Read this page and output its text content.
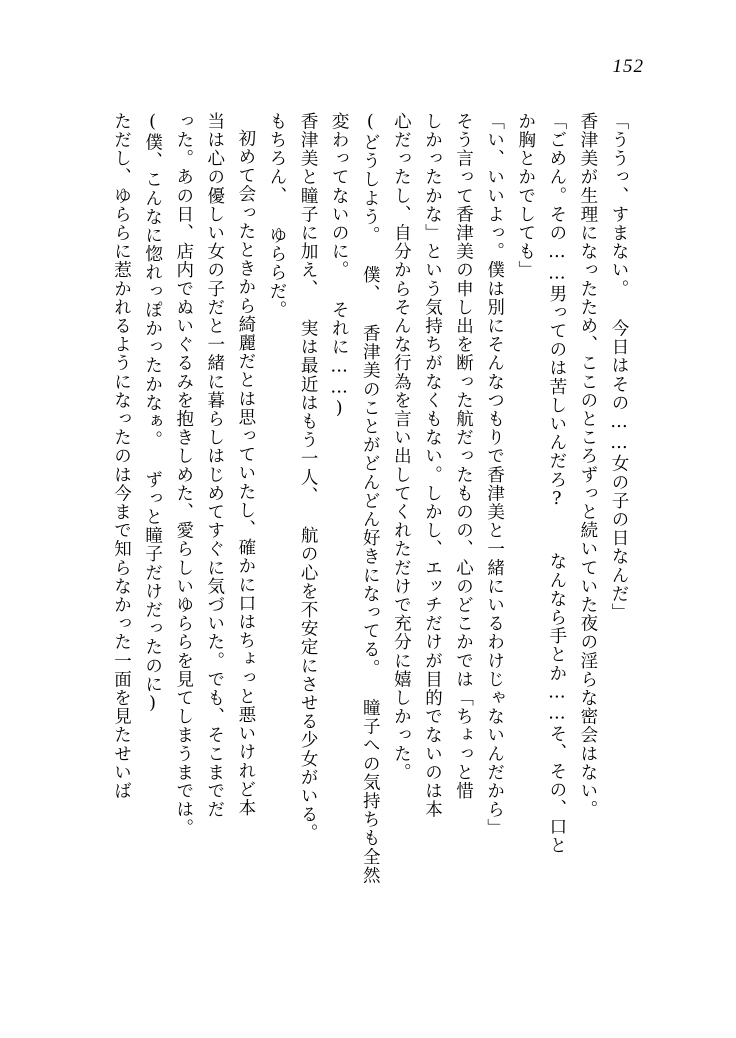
152
「ううっ、すまない。 今日はその……女の子の日なんだ」
香津美が生理になったため、ここのところずっと続いていた夜の淫らな密会はない。
「ごめん。その……男ってのは苦しいんだろ?  なんなら手とか……そ、その、口と
か胸とかでしても」
「い、いいよっ。僕は別にそんなつもりで香津美と一緒にいるわけじゃないんだから」
そう言って香津美の申し出を断った航だったものの、心のどこかでは「ちょっと惜
しかったかな」という気持ちがなくもない。しかし、エッチだけが目的でないのは本
心だったし、自分からそんな行為を言い出してくれただけで充分に嬉しかった。
(どうしよう。 僕、 香津美のことがどんどん好きになってる。 瞳子への気持ちも全然
変わってないのに。 それに……)
香津美と瞳子に加え、 実は最近はもう一人、 航の心を不安定にさせる少女がいる。
もちろん、 ゆららだ。
初めて会ったときから綺麗だとは思っていたし、確かに口はちょっと悪いけれど本
当は心の優しい女の子だと一緒に暮らしはじめてすぐに気づいた。でも、そこまでだ
った。あの日、店内でぬいぐるみを抱きしめた、愛らしいゆららを見てしまうまでは。
(僕、こんなに惚れっぽかったかなぁ。 ずっと瞳子だけだったのに)
ただし、ゆららに惹かれるようになったのは今まで知らなかった一面を見たせいば
